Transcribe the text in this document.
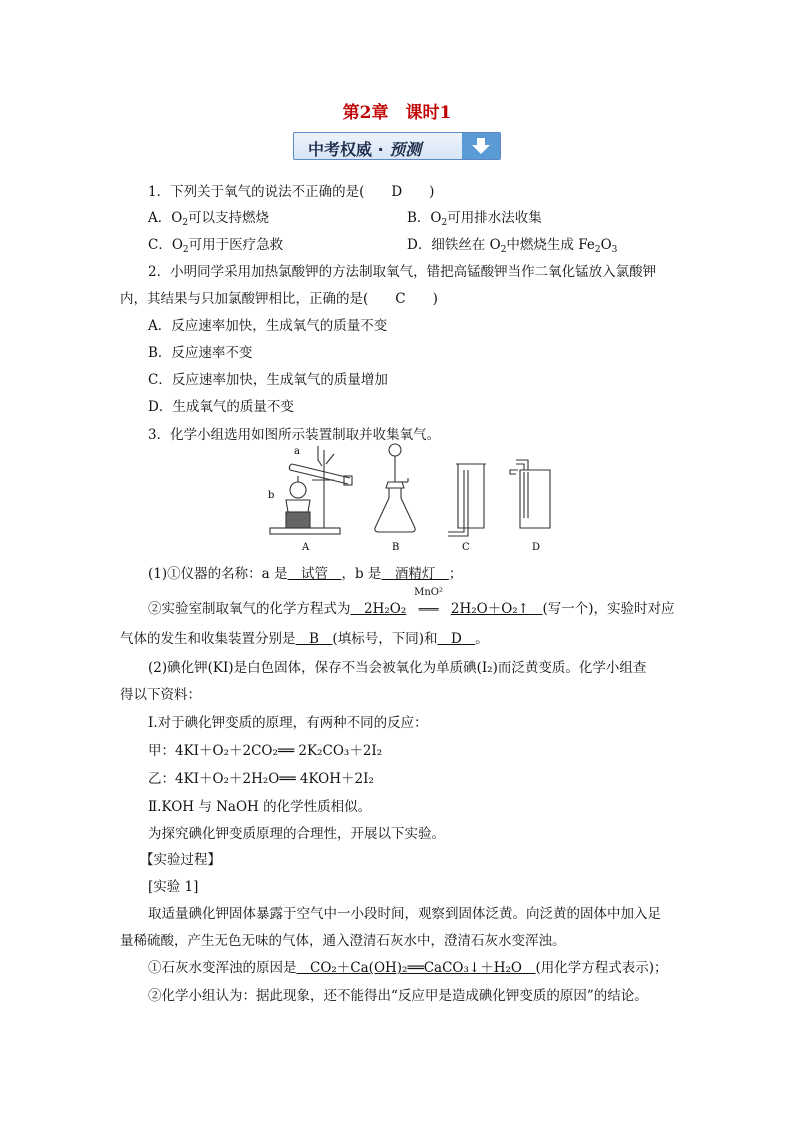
第2章　课时1
中考权威 · 预测
1．下列关于氧气的说法不正确的是(　　D　　)
A．$O_2$可以支持燃烧	B．$O_2$可用排水法收集
C．$O_2$可用于医疗急救	D．细铁丝在 $O_2$中燃烧生成 $Fe_2O_3$
2．小明同学采用加热氯酸钾的方法制取氧气，错把高锰酸钾当作二氧化锰放入氯酸钾
内，其结果与只加氯酸钾相比，正确的是(　　C　　)
A．反应速率加快，生成氧气的质量不变
B．反应速率不变
C．反应速率加快，生成氧气的质量增加
D．生成氧气的质量不变
3．化学小组选用如图所示装置制取并收集氧气。
a
b
A	B	C	D
(1)①仪器的名称：a 是　试管　，b 是　酒精灯　；
②实验室制取氧气的化学方程式为　2H₂O₂
MnO²
═══ 2H₂O＋O₂↑　(写一个)，实验时对应
气体的发生和收集装置分别是　B　(填标号，下同)和　D　。
(2)碘化钾(KI)是白色固体，保存不当会被氧化为单质碘(I₂)而泛黄变质。化学小组查
得以下资料：
Ⅰ.对于碘化钾变质的原理，有两种不同的反应：
甲：4KI＋O₂＋2CO₂══ 2K₂CO₃＋2I₂
乙：4KI＋O₂＋2H₂O══ 4KOH＋2I₂
Ⅱ.KOH 与 NaOH 的化学性质相似。
为探究碘化钾变质原理的合理性，开展以下实验。
【实验过程】
[实验 1]
取适量碘化钾固体暴露于空气中一小段时间，观察到固体泛黄。向泛黄的固体中加入足
量稀硫酸，产生无色无味的气体，通入澄清石灰水中，澄清石灰水变浑浊。
①石灰水变浑浊的原因是　CO₂＋Ca(OH)₂══CaCO₃↓＋H₂O　(用化学方程式表示)；
②化学小组认为：据此现象，还不能得出“反应甲是造成碘化钾变质的原因”的结论。
